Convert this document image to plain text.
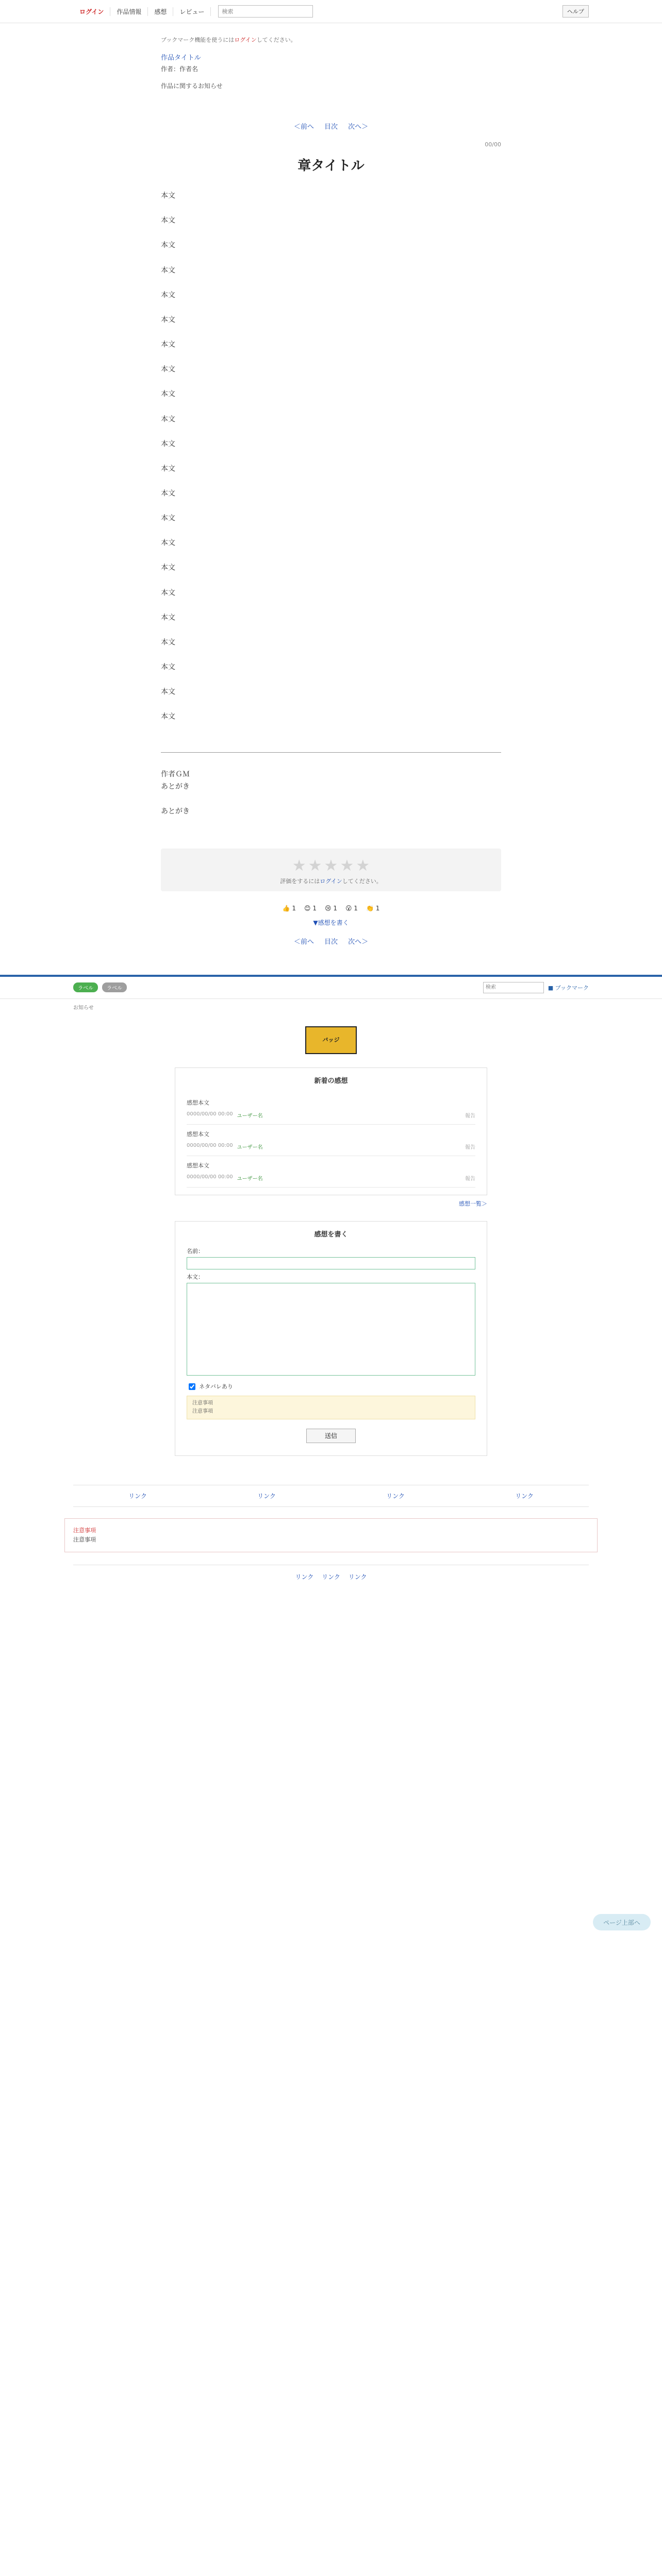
ログイン	作品情報	感想	レビュー
検索	ヘルプ
ブックマーク機能を使うにはログインしてください。
作品タイトル
作者：作者名
作品に関するお知らせ
＜前へ 目次 次へ＞
00/00
章タイトル

本文

本文

本文

本文

本文

本文

本文

本文

本文

本文

本文

本文

本文

本文

本文

本文

本文

本文

本文

本文

本文

本文

作者ＧＭ

あとがき

あとがき

★ ★ ★ ★ ★
評価をするにはログインしてください。
👍 1 😊 1 😢 1 😮 1 👏 1
▼感想を書く
＜前へ 目次 次へ＞
ページ上部へ
ラベル	ラベル
検索	■ ブックマーク
お知らせ
バッジ
新着の感想
感想本文
0000/00/00 00:00 ユーザー名	報告
感想本文
0000/00/00 00:00 ユーザー名	報告
感想本文
0000/00/00 00:00 ユーザー名	報告
感想一覧＞
感想を書く
名前：
本文：
ネタバレあり
注意事項
注意事項
送信
リンク	リンク	リンク	リンク
注意事項
注意事項
リンク リンク リンク
